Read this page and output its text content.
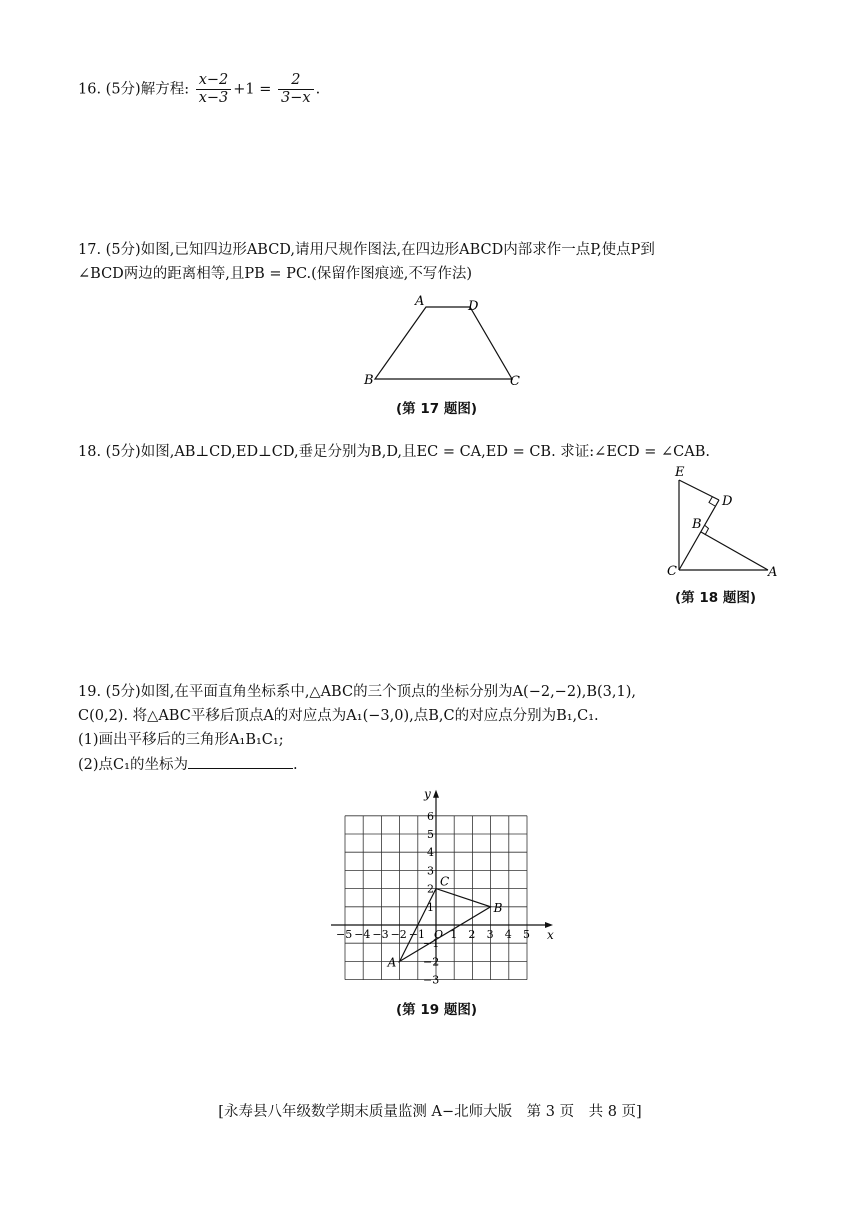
16. (5分)解方程: $\frac{x-2}{x-3} +1 = \frac{2}{3-x}$ .
17. (5分)如图,已知四边形ABCD,请用尺规作图法,在四边形ABCD内部求作一点P,使点P到
∠BCD两边的距离相等,且PB = PC.(保留作图痕迹,不写作法)
A	D
B	C
(第 17 题图)
18. (5分)如图,AB⊥CD,ED⊥CD,垂足分别为B,D,且EC = CA,ED = CB. 求证:∠ECD = ∠CAB.
E
D
B
C	A
(第 18 题图)
19. (5分)如图,在平面直角坐标系中,△ABC的三个顶点的坐标分别为A(−2,−2),B(3,1),
C(0,2). 将△ABC平移后顶点A的对应点为A₁(−3,0),点B,C的对应点分别为B₁,C₁.
(1)画出平移后的三角形A₁B₁C₁;
(2)点C₁的坐标为	.
x
y
−5 −4 −3 −2 −1 1 2 3 4 5
6
5
4
3
2
1
−1
−2
−3
O
A
B
C
(第 19 题图)
[永寿县八年级数学期末质量监测 A−北师大版　第 3 页　共 8 页]
